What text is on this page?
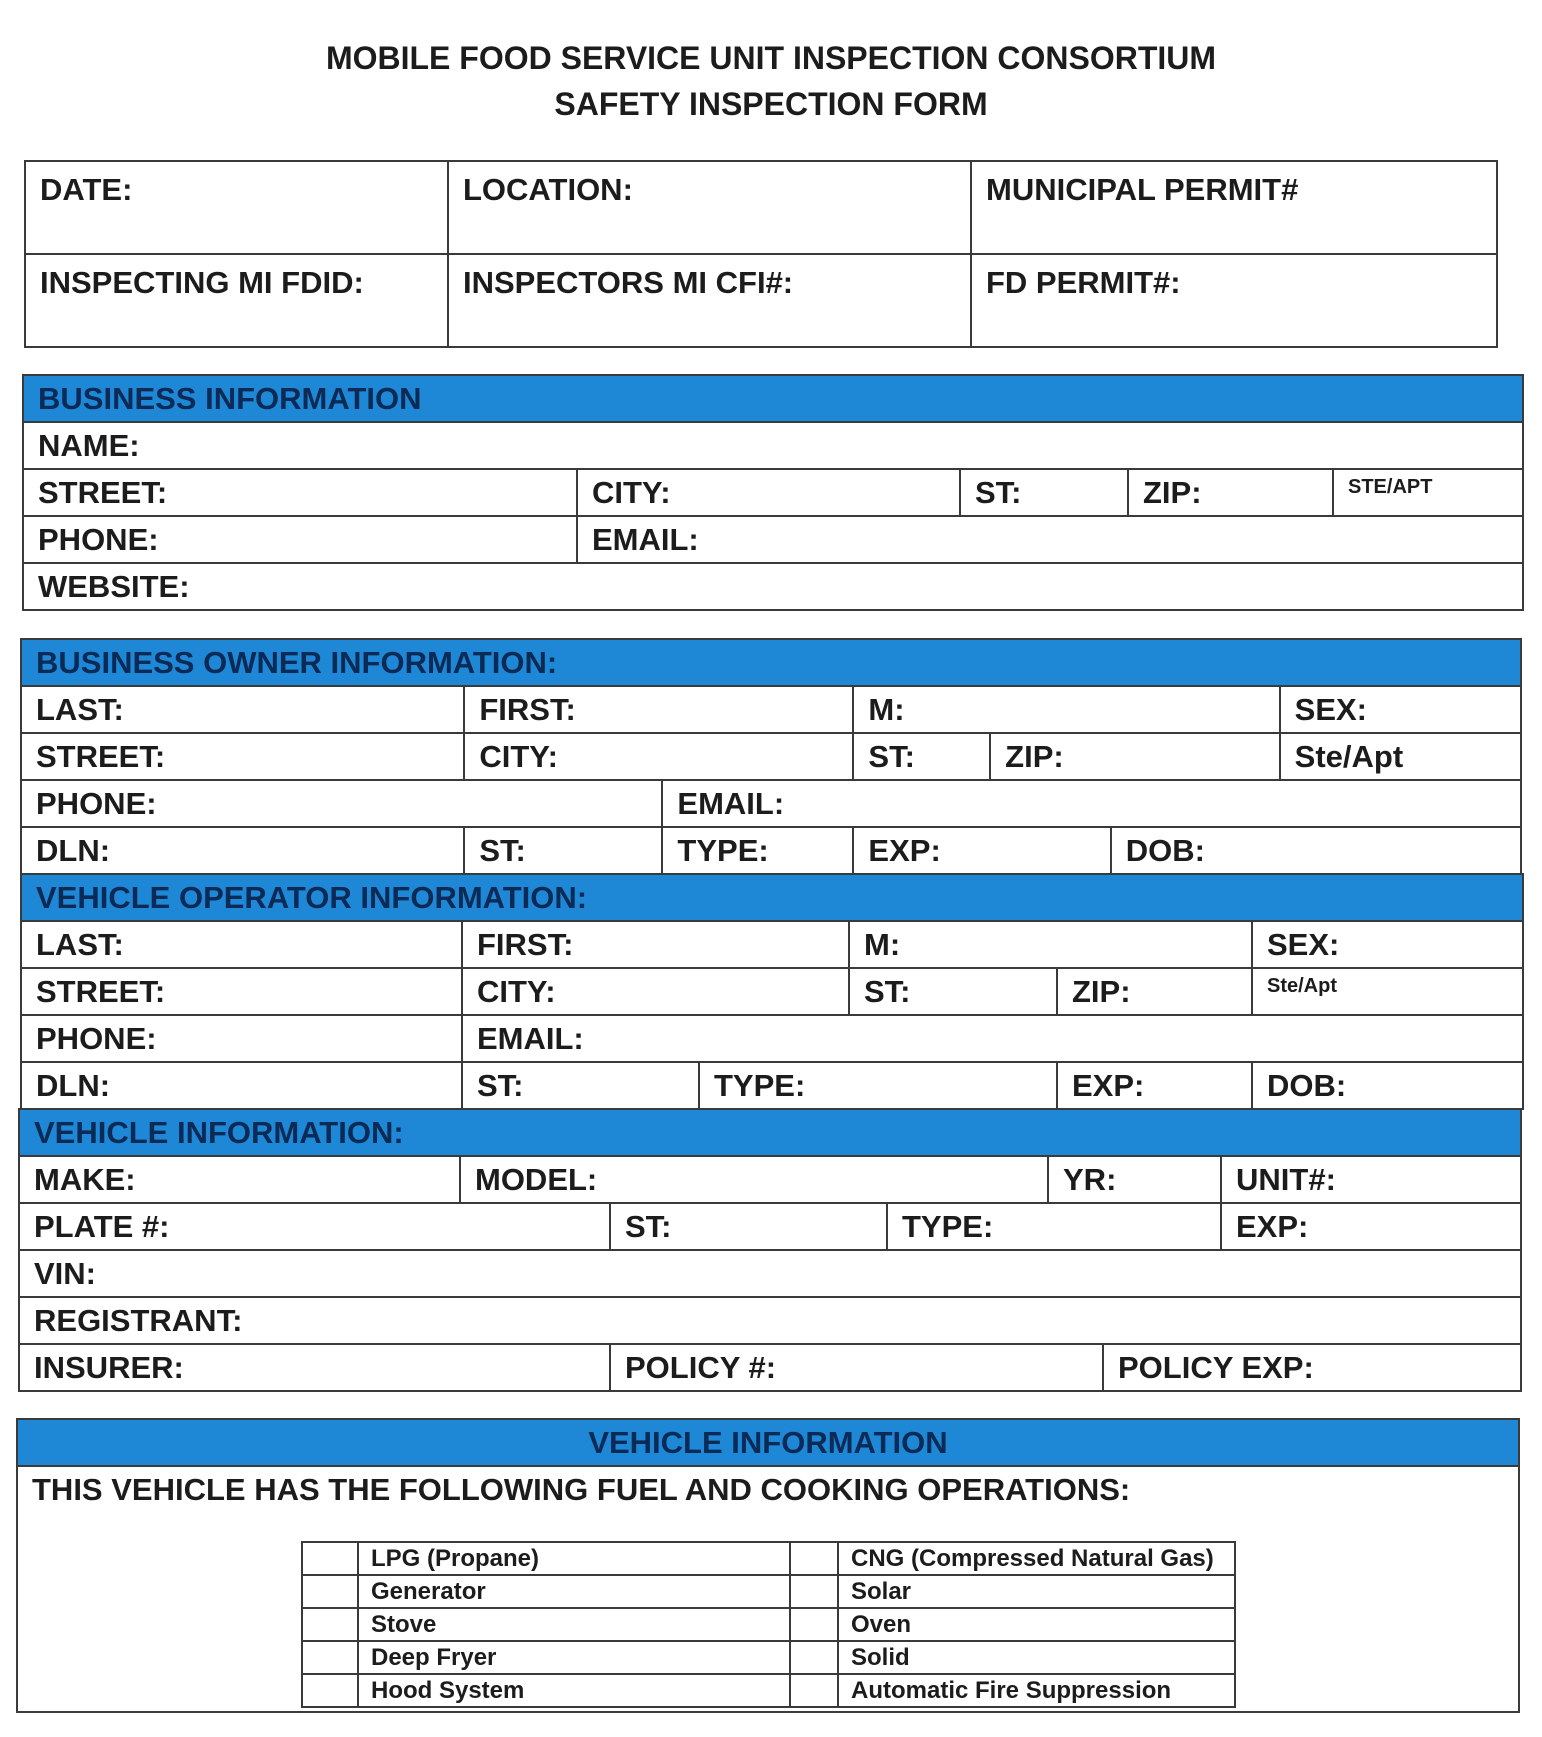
MOBILE FOOD SERVICE UNIT INSPECTION CONSORTIUM
SAFETY INSPECTION FORM
DATE:	LOCATION:	MUNICIPAL PERMIT#
INSPECTING MI FDID:	INSPECTORS MI CFI#:	FD PERMIT#:
BUSINESS INFORMATION				
NAME:				
STREET:	CITY:	ST:	ZIP:	STE/APT
PHONE:	EMAIL:			
WEBSITE:				
BUSINESS OWNER INFORMATION:						
LAST:	FIRST:		M:			SEX:
STREET:	CITY:		ST:	ZIP:		Ste/Apt
PHONE:		EMAIL:				
DLN:	ST:	TYPE:	EXP:		DOB:	
VEHICLE OPERATOR INFORMATION:					
LAST:	FIRST:		M:		SEX:
STREET:	CITY:		ST:	ZIP:	Ste/Apt
PHONE:	EMAIL:				
DLN:	ST:	TYPE:		EXP:	DOB:
VEHICLE INFORMATION:						
MAKE:	MODEL:			YR:		UNIT#:
PLATE #:		ST:	TYPE:			EXP:
VIN:						
REGISTRANT:						
INSURER:		POLICY #:			POLICY EXP:	
VEHICLE INFORMATION
THIS VEHICLE HAS THE FOLLOWING FUEL AND COOKING OPERATIONS:
	LPG (Propane)		CNG (Compressed Natural Gas)
	Generator		Solar
	Stove		Oven
	Deep Fryer		Solid
	Hood System		Automatic Fire Suppression
